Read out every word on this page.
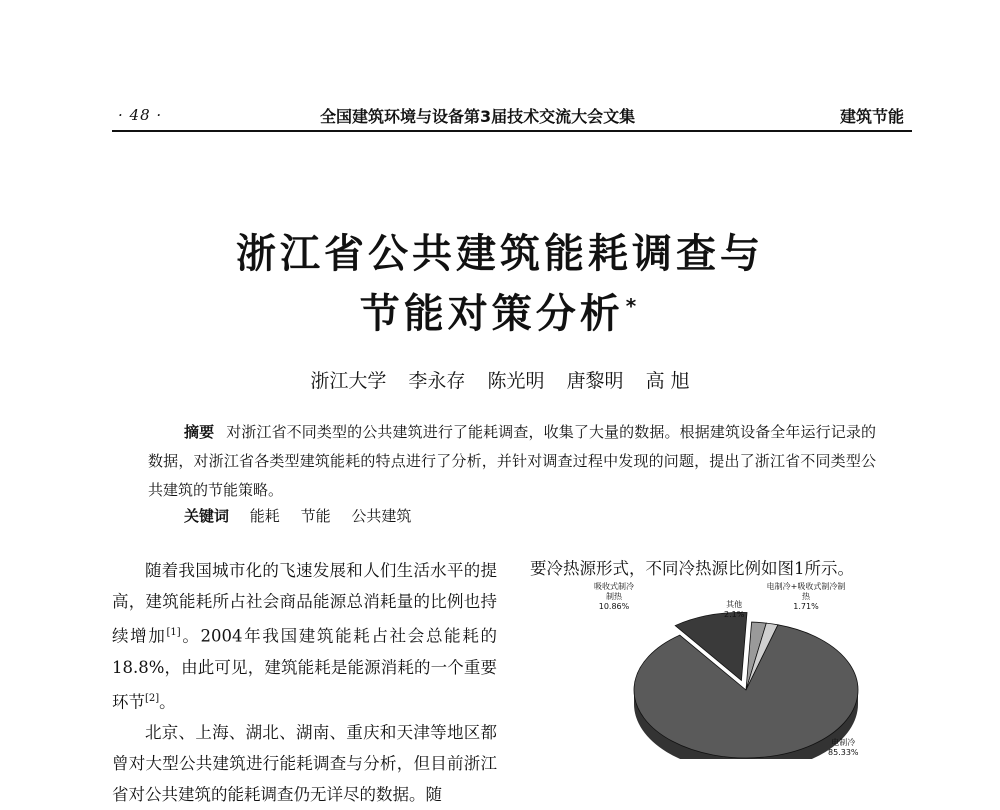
· 48 ·	全国建筑环境与设备第3届技术交流大会文集	建筑节能
浙江省公共建筑能耗调查与
节能对策分析 *
浙江大学 李永存 陈光明 唐黎明 高 旭
摘要 对浙江省不同类型的公共建筑进行了能耗调查，收集了大量的数据。根据建筑设备全年运行记录的数据，对浙江省各类型建筑能耗的特点进行了分析，并针对调查过程中发现的问题，提出了浙江省不同类型公共建筑的节能策略。
关键词 能耗 节能 公共建筑

随着我国城市化的飞速发展和人们生活水平的提高，建筑能耗所占社会商品能源总消耗量的比例也持续增加[1]。2004年我国建筑能耗占社会总能耗的18.8%，由此可见，建筑能耗是能源消耗的一个重要环节[2]。

北京、上海、湖北、湖南、重庆和天津等地区都曾对大型公共建筑进行能耗调查与分析，但目前浙江省对公共建筑的能耗调查仍无详尽的数据。随

要冷热源形式，不同冷热源比例如图1所示。
吸收式制冷制热
10.86%	其他
2.1%
电制冷+吸收式制冷制热
1.71%
电制冷
85.33%
